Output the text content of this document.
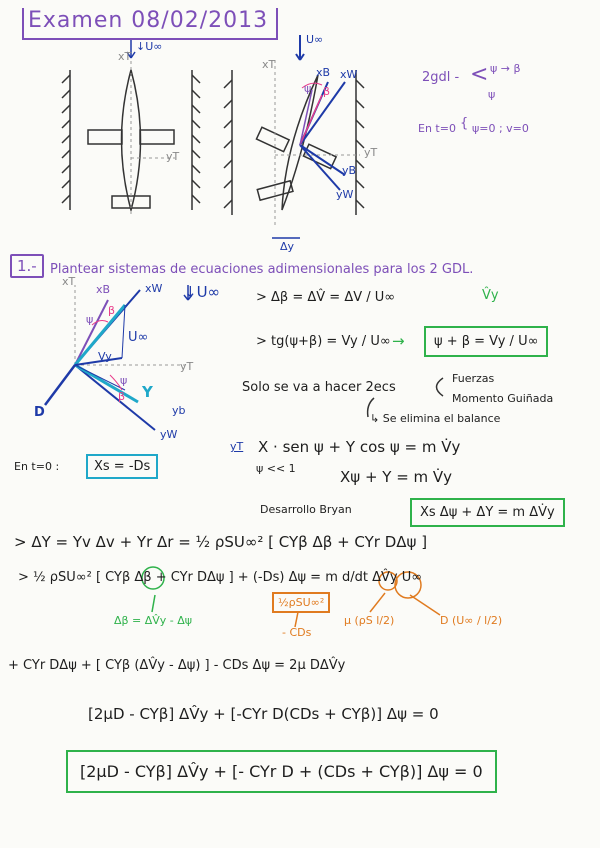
Examen 08/02/2013
xT
↓U∞
yT
U∞
xT
xB xW
ψ β
yT
yB
yW
Δy
2gdl - < ψ → β
ψ
En t=0 { ψ=0 ; v=0
1.-	Plantear sistemas de ecuaciones adimensionales para los 2 GDL.
xT
xB	xW
ψ
β
U∞
Vy
yT
Y
D	yb
yW
ψ
β
↓U∞	> Δβ = ΔV̂ = ΔV / U∞	V̂y
> tg(ψ+β) = Vy / U∞ →	ψ + β = Vy / U∞
Solo se va a hacer 2ecs
Fuerzas
Momento Guiñada
↳ Se elimina el balance
yT X · sen ψ + Y cos ψ = m V̇y
ψ << 1	Xψ + Y = m V̇y
En t=0 :	Xs = -Ds
Desarrollo Bryan	Xs Δψ + ΔY = m ΔV̇y
> ΔY = Yv Δv + Yr Δr = ½ ρSU∞² [ CYβ Δβ + CYr DΔψ ]
> ½ ρSU∞² [ CYβ Δβ + CYr DΔψ ] + (-Ds) Δψ = m d/dt ΔV̂y U∞
Δβ = ΔV̂y - Δψ
½ρSU∞²
- CDs
μ (ρS l/2)	D (U∞ / l/2)
+ CYr DΔψ + [ CYβ (ΔV̂y - Δψ) ] - CDs Δψ = 2μ DΔV̂y
[2μD - CYβ] ΔV̂y + [-CYr D(CDs + CYβ)] Δψ = 0
[2μD - CYβ] ΔV̂y + [- CYr D + (CDs + CYβ)] Δψ = 0
